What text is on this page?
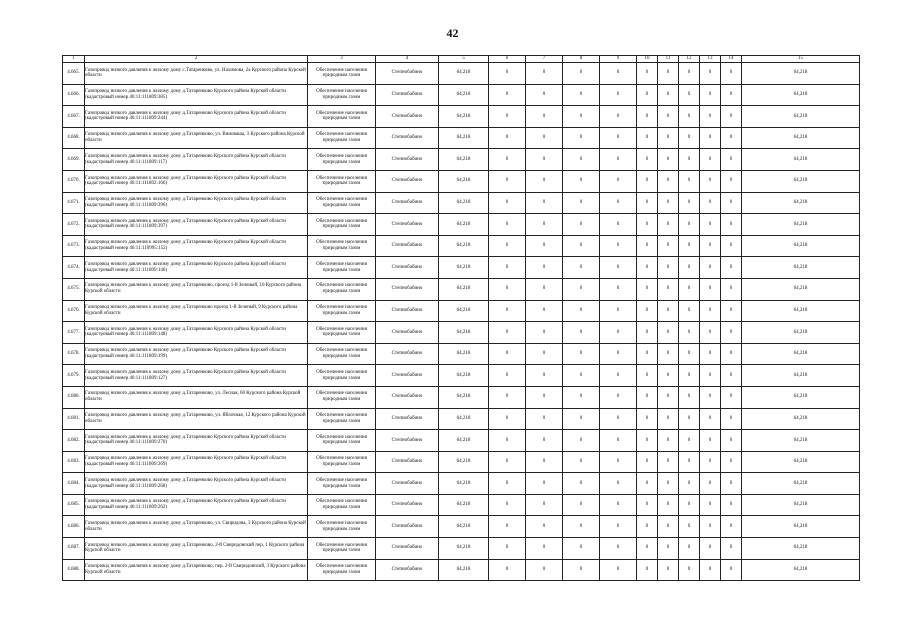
42
1	2	3	4	5	6	7	8	9	10	11	12	13	14	15
4.665.	Газопровод низкого давления к жилому дому с.Татаренково, ул. Нахимова, 2а Курского района Курской области	Обеспечение населения природным газом	Степнобабино	64,218	0	0	0	0	0	0	0	0	0	64,218
4.666.	Газопровод низкого давления к жилому дому д.Татаренково Курского района Курской области (кадастровый номер 46:11:111809:385)	Обеспечение населения природным газом	Степнобабино	64,218	0	0	0	0	0	0	0	0	0	64,218
4.667.	Газопровод низкого давления к жилому дому д.Татаренково Курского района Курской области (кадастровый номер 46:11:111809:244)	Обеспечение населения природным газом	Степнобабино	64,218	0	0	0	0	0	0	0	0	0	64,218
4.668.	Газопровод низкого давления к жилому дому д.Татаренково, ул. Виноваша, 3 Курского района Курской области	Обеспечение населения природным газом	Степнобабино	64,218	0	0	0	0	0	0	0	0	0	64,218
4.669.	Газопровод низкого давления к жилому дому д.Татаренково Курского района Курской области (кадастровый номер 46:11:111809:117)	Обеспечение населения природным газом	Степнобабино	64,218	0	0	0	0	0	0	0	0	0	64,218
4.670.	Газопровод низкого давления к жилому дому д.Татаренково Курского района Курской области (кадастровый номер 46:11:111802:166)	Обеспечение населения природным газом	Степнобабино	64,218	0	0	0	0	0	0	0	0	0	64,218
4.671.	Газопровод низкого давления к жилому дому д.Татаренково Курского района Курской области (кадастровый номер 46:11:111809:396)	Обеспечение населения природным газом	Степнобабино	64,218	0	0	0	0	0	0	0	0	0	64,218
4.672.	Газопровод низкого давления к жилому дому д.Татаренково Курского района Курской области (кадастровый номер 46:11:111809:397)	Обеспечение населения природным газом	Степнобабино	64,218	0	0	0	0	0	0	0	0	0	64,218
4.673.	Газопровод низкого давления к жилому дому д.Татаренково Курского района Курской области (кадастровый номер 46:11:110995:152)	Обеспечение населения природным газом	Степнобабино	64,218	0	0	0	0	0	0	0	0	0	64,218
4.674.	Газопровод низкого давления к жилому дому д.Татаренково Курского района Курской области (кадастровый номер 46:11:111809:146)	Обеспечение населения природным газом	Степнобабино	64,218	0	0	0	0	0	0	0	0	0	64,218
4.675.	Газопровод низкого давления к жилому дому д.Татаренково, проезд 1-й Зеленый, 10 Курского района Курской области	Обеспечение населения природным газом	Степнобабино	64,218	0	0	0	0	0	0	0	0	0	64,218
4.676.	Газопровод низкого давления к жилому дому д.Татаренково проезд 1-й Зеленый, 9 Курского района Курской области	Обеспечение населения природным газом	Степнобабино	64,218	0	0	0	0	0	0	0	0	0	64,218
4.677.	Газопровод низкого давления к жилому дому д.Татаренково Курского района Курской области (кадастровый номер 46:11:111809:148)	Обеспечение населения природным газом	Степнобабино	64,218	0	0	0	0	0	0	0	0	0	64,218
4.678.	Газопровод низкого давления к жилому дому д.Татаренково Курского района Курской области (кадастровый номер 46:11:111809:199)	Обеспечение населения природным газом	Степнобабино	64,218	0	0	0	0	0	0	0	0	0	64,218
4.679.	Газопровод низкого давления к жилому дому д.Татаренково Курского района Курской области (кадастровый номер 46:11:111809:127)	Обеспечение населения природным газом	Степнобабино	64,218	0	0	0	0	0	0	0	0	0	64,218
4.680.	Газопровод низкого давления к жилому дому д.Татаренково, ул. Лесная, 60 Курского района Курской области	Обеспечение населения природным газом	Степнобабино	64,218	0	0	0	0	0	0	0	0	0	64,218
4.681.	Газопровод низкого давления к жилому дому д.Татаренково, ул. Яблочная, 12 Курского района Курской области	Обеспечение населения природным газом	Степнобабино	64,218	0	0	0	0	0	0	0	0	0	64,218
4.682.	Газопровод низкого давления к жилому дому д.Татаренково Курского района Курской области (кадастровый номер 46:11:111809:270)	Обеспечение населения природным газом	Степнобабино	64,218	0	0	0	0	0	0	0	0	0	64,218
4.683.	Газопровод низкого давления к жилому дому д.Татаренково Курского района Курской области (кадастровый номер 46:11:111809:269)	Обеспечение населения природным газом	Степнобабино	64,218	0	0	0	0	0	0	0	0	0	64,218
4.684.	Газопровод низкого давления к жилому дому д.Татаренково Курского района Курской области (кадастровый номер 46:11:111809:268)	Обеспечение населения природным газом	Степнобабино	64,218	0	0	0	0	0	0	0	0	0	64,218
4.685.	Газопровод низкого давления к жилому дому д.Татаренково Курского района Курской области (кадастровый номер 46:11:111809:262)	Обеспечение населения природным газом	Степнобабино	64,218	0	0	0	0	0	0	0	0	0	64,218
4.686.	Газопровод низкого давления к жилому дому д.Татаренково, ул. Свиридова, 3 Курского района Курской области	Обеспечение населения природным газом	Степнобабино	64,218	0	0	0	0	0	0	0	0	0	64,218
4.687.	Газопровод низкого давления к жилому дому д.Татаренково, 2-й Свиридовский пер, 1 Курского района Курской области	Обеспечение населения природным газом	Степнобабино	64,218	0	0	0	0	0	0	0	0	0	64,218
4.688.	Газопровод низкого давления к жилому дому д.Татаренково, пер. 2-й Свиридовский, 3 Курского района Курской области	Обеспечение населения природным газом	Степнобабино	64,218	0	0	0	0	0	0	0	0	0	64,218
